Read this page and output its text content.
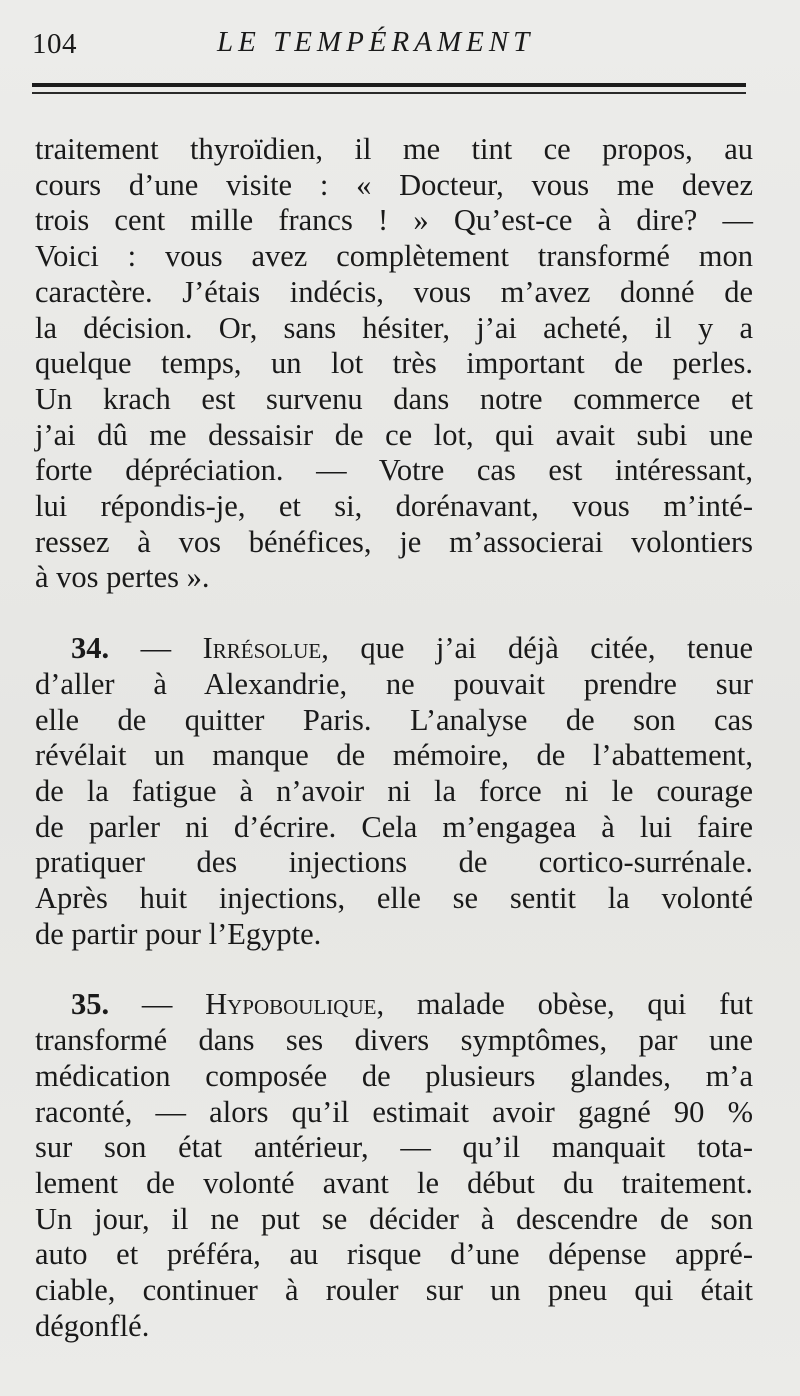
104	LE TEMPÉRAMENT

traitement thyroïdien, il me tint ce propos, au
cours d’une visite : « Docteur, vous me devez
trois cent mille francs ! » Qu’est-ce à dire? —
Voici : vous avez complètement transformé mon
caractère. J’étais indécis, vous m’avez donné de
la décision. Or, sans hésiter, j’ai acheté, il y a
quelque temps, un lot très important de perles.
Un krach est survenu dans notre commerce et
j’ai dû me dessaisir de ce lot, qui avait subi une
forte dépréciation. — Votre cas est intéressant,
lui répondis-je, et si, dorénavant, vous m’inté-
ressez à vos bénéfices, je m’associerai volontiers
à vos pertes ».

34. — Irrésolue, que j’ai déjà citée, tenue
d’aller à Alexandrie, ne pouvait prendre sur
elle de quitter Paris. L’analyse de son cas
révélait un manque de mémoire, de l’abattement,
de la fatigue à n’avoir ni la force ni le courage
de parler ni d’écrire. Cela m’engagea à lui faire
pratiquer des injections de cortico-surrénale.
Après huit injections, elle se sentit la volonté
de partir pour l’Egypte.

35. — Hypoboulique, malade obèse, qui fut
transformé dans ses divers symptômes, par une
médication composée de plusieurs glandes, m’a
raconté, — alors qu’il estimait avoir gagné 90 %
sur son état antérieur, — qu’il manquait tota-
lement de volonté avant le début du traitement.
Un jour, il ne put se décider à descendre de son
auto et préféra, au risque d’une dépense appré-
ciable, continuer à rouler sur un pneu qui était
dégonflé.
